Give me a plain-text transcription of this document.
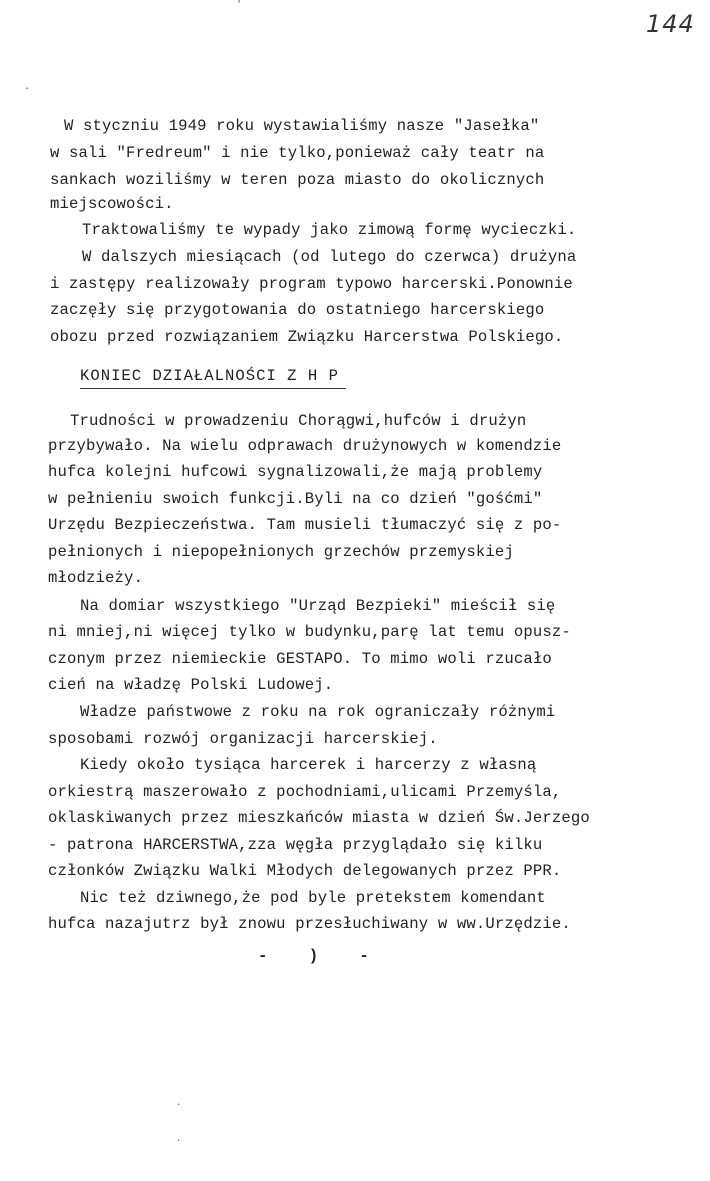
144
·
'
W styczniu 1949 roku wystawialiśmy nasze "Jasełka"
w sali "Fredreum" i nie tylko,ponieważ cały teatr na
sankach woziliśmy w teren poza miasto do okolicznych
miejscowości.
Traktowaliśmy te wypady jako zimową formę wycieczki.
W dalszych miesiącach (od lutego do czerwca) drużyna
i zastępy realizowały program typowo harcerski.Ponownie
zaczęły się przygotowania do ostatniego harcerskiego
obozu przed rozwiązaniem Związku Harcerstwa Polskiego.
KONIEC DZIAŁALNOŚCI Z H P
Trudności w prowadzeniu Chorągwi,hufców i drużyn
przybywało. Na wielu odprawach drużynowych w komendzie
hufca kolejni hufcowi sygnalizowali,że mają problemy
w pełnieniu swoich funkcji.Byli na co dzień "gośćmi"
Urzędu Bezpieczeństwa. Tam musieli tłumaczyć się z po-
pełnionych i niepopełnionych grzechów przemyskiej
młodzieży.
Na domiar wszystkiego "Urząd Bezpieki" mieścił się
ni mniej,ni więcej tylko w budynku,parę lat temu opusz-
czonym przez niemieckie GESTAPO. To mimo woli rzucało
cień na władzę Polski Ludowej.
Władze państwowe z roku na rok ograniczały różnymi
sposobami rozwój organizacji harcerskiej.
Kiedy około tysiąca harcerek i harcerzy z własną
orkiestrą maszerowało z pochodniami,ulicami Przemyśla,
oklaskiwanych przez mieszkańców miasta w dzień Św.Jerzego
- patrona HARCERSTWA,zza węgła przyglądało się kilku
członków Związku Walki Młodych delegowanych przez PPR.
Nic też dziwnego,że pod byle pretekstem komendant
hufca nazajutrz był znowu przesłuchiwany w ww.Urzędzie.
- ) -
·
·
